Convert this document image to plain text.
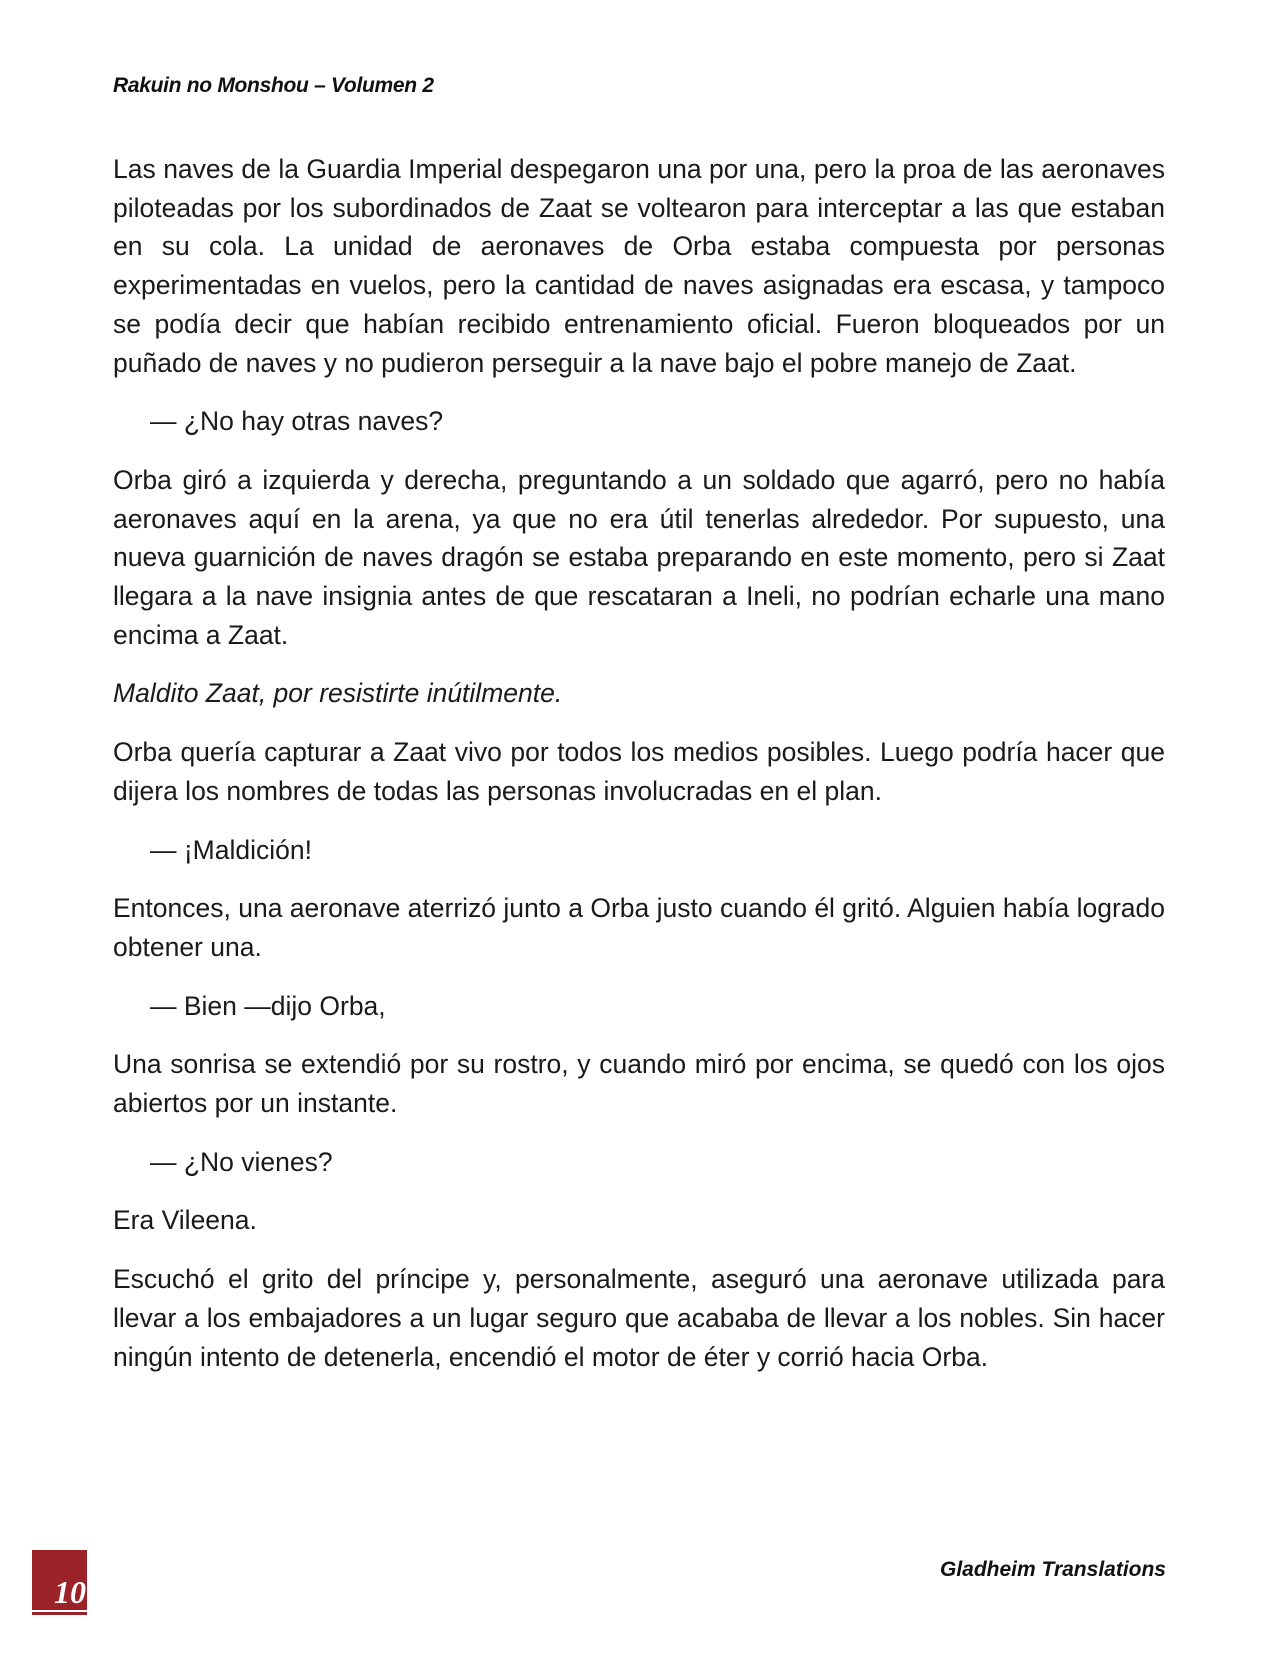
Rakuin no Monshou – Volumen 2

Las naves de la Guardia Imperial despegaron una por una, pero la proa de las aeronaves piloteadas por los subordinados de Zaat se voltearon para interceptar a las que estaban en su cola. La unidad de aeronaves de Orba estaba compuesta por personas experimentadas en vuelos, pero la cantidad de naves asignadas era escasa, y tampoco se podía decir que habían recibido entrenamiento oficial. Fueron bloqueados por un puñado de naves y no pudieron perseguir a la nave bajo el pobre manejo de Zaat.

— ¿No hay otras naves?

Orba giró a izquierda y derecha, preguntando a un soldado que agarró, pero no había aeronaves aquí en la arena, ya que no era útil tenerlas alrededor. Por supuesto, una nueva guarnición de naves dragón se estaba preparando en este momento, pero si Zaat llegara a la nave insignia antes de que rescataran a Ineli, no podrían echarle una mano encima a Zaat.

Maldito Zaat, por resistirte inútilmente.

Orba quería capturar a Zaat vivo por todos los medios posibles. Luego podría hacer que dijera los nombres de todas las personas involucradas en el plan.

— ¡Maldición!

Entonces, una aeronave aterrizó junto a Orba justo cuando él gritó. Alguien había logrado obtener una.

— Bien —dijo Orba,

Una sonrisa se extendió por su rostro, y cuando miró por encima, se quedó con los ojos abiertos por un instante.

— ¿No vienes?

Era Vileena.

Escuchó el grito del príncipe y, personalmente, aseguró una aeronave utilizada para llevar a los embajadores a un lugar seguro que acababa de llevar a los nobles. Sin hacer ningún intento de detenerla, encendió el motor de éter y corrió hacia Orba.

10
Gladheim Translations
